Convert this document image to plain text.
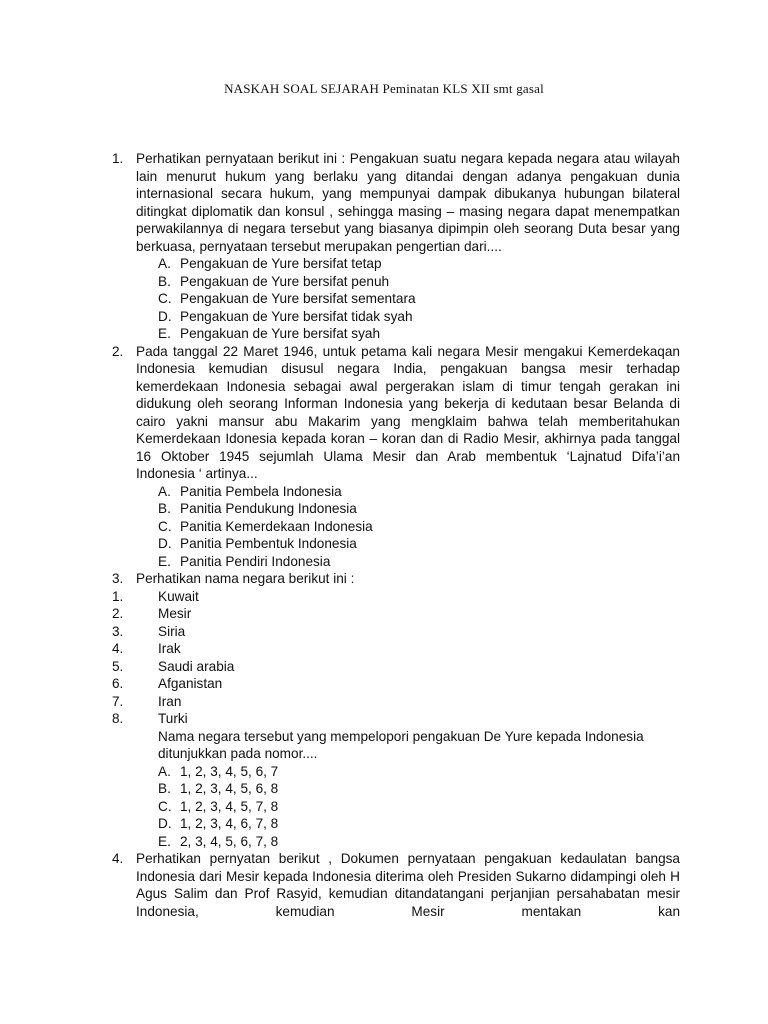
NASKAH SOAL SEJARAH Peminatan KLS XII smt gasal
1. Perhatikan pernyataan berikut ini : Pengakuan suatu negara kepada negara atau wilayah lain menurut hukum yang berlaku yang ditandai dengan adanya pengakuan dunia internasional secara hukum, yang mempunyai dampak dibukanya hubungan bilateral ditingkat diplomatik dan konsul , sehingga masing – masing negara dapat menempatkan perwakilannya di negara tersebut yang biasanya dipimpin oleh seorang Duta besar yang berkuasa, pernyataan tersebut merupakan pengertian dari....
A. Pengakuan de Yure bersifat tetap
B. Pengakuan de Yure bersifat penuh
C. Pengakuan de Yure bersifat sementara
D. Pengakuan de Yure bersifat tidak syah
E. Pengakuan de Yure bersifat syah
2. Pada tanggal 22 Maret 1946, untuk petama kali negara Mesir mengakui Kemerdekaqan Indonesia kemudian disusul negara India, pengakuan bangsa mesir terhadap kemerdekaan Indonesia sebagai awal pergerakan islam di timur tengah gerakan ini didukung oleh seorang Informan Indonesia yang bekerja di kedutaan besar Belanda di cairo yakni mansur abu Makarim yang mengklaim bahwa telah memberitahukan Kemerdekaan Idonesia kepada koran – koran dan di Radio Mesir, akhirnya pada tanggal 16 Oktober 1945 sejumlah Ulama Mesir dan Arab membentuk ‘Lajnatud Difa’i’an Indonesia ‘ artinya...
A. Panitia Pembela Indonesia
B. Panitia Pendukung Indonesia
C. Panitia Kemerdekaan Indonesia
D. Panitia Pembentuk Indonesia
E. Panitia Pendiri Indonesia
3. Perhatikan nama negara berikut ini :
1.	Kuwait
2.	Mesir
3.	Siria
4.	Irak
5.	Saudi arabia
6.	Afganistan
7.	Iran
8.	Turki
Nama negara tersebut yang mempelopori pengakuan De Yure kepada Indonesia ditunjukkan pada nomor....
A. 1, 2, 3, 4, 5, 6, 7
B. 1, 2, 3, 4, 5, 6, 8
C. 1, 2, 3, 4, 5, 7, 8
D. 1, 2, 3, 4, 6, 7, 8
E. 2, 3, 4, 5, 6, 7, 8
4. Perhatikan pernyatan berikut , Dokumen pernyataan pengakuan kedaulatan bangsa Indonesia dari Mesir kepada Indonesia diterima oleh Presiden Sukarno didampingi oleh H Agus Salim dan Prof Rasyid, kemudian ditandatangani perjanjian persahabatan mesir Indonesia, kemudian Mesir mentakan kan
